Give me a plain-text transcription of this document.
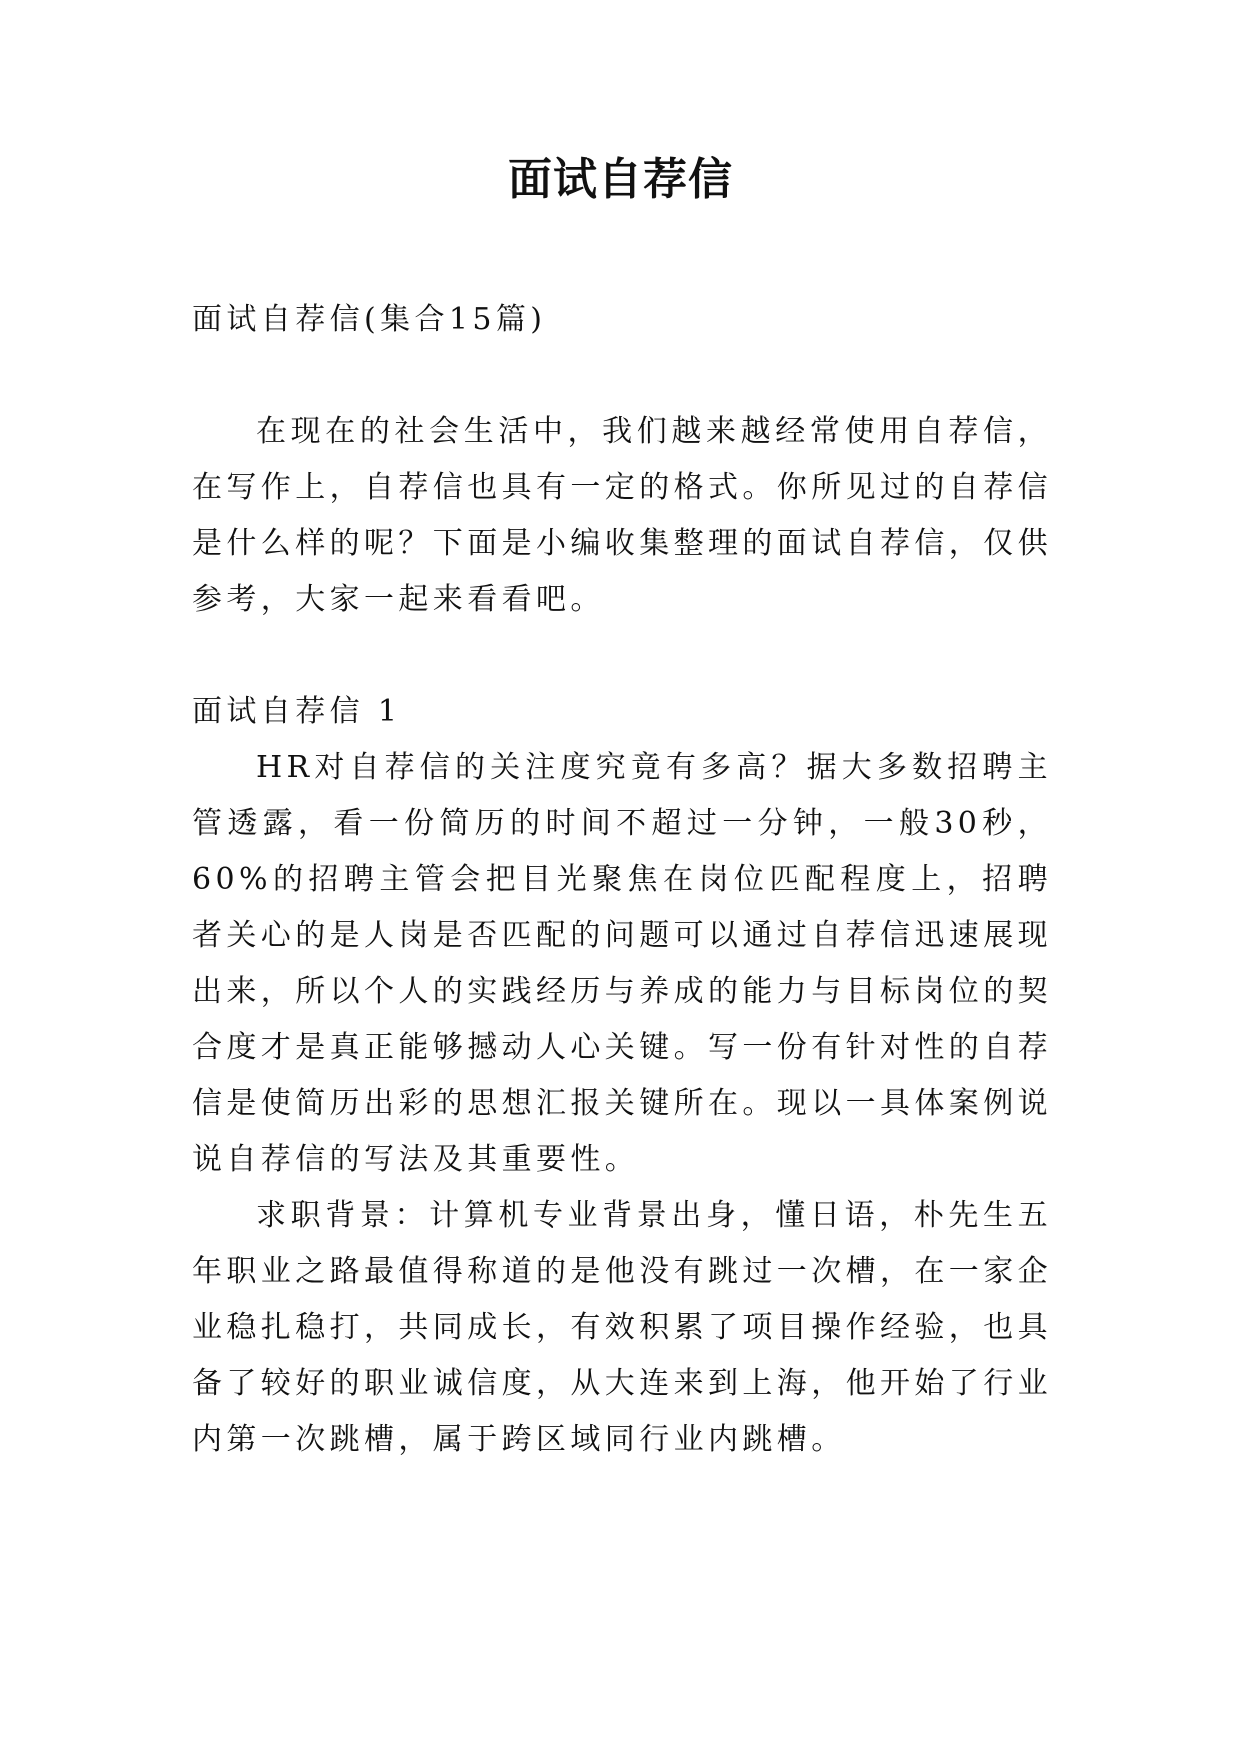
面试自荐信

面试自荐信(集合15篇)

在现在的社会生活中，我们越来越经常使用自荐信，在写作上，自荐信也具有一定的格式。你所见过的自荐信是什么样的呢？下面是小编收集整理的面试自荐信，仅供参考，大家一起来看看吧。

面试自荐信 1

HR对自荐信的关注度究竟有多高？据大多数招聘主管透露，看一份简历的时间不超过一分钟，一般30秒，60%的招聘主管会把目光聚焦在岗位匹配程度上，招聘者关心的是人岗是否匹配的问题可以通过自荐信迅速展现出来，所以个人的实践经历与养成的能力与目标岗位的契合度才是真正能够撼动人心关键。写一份有针对性的自荐信是使简历出彩的思想汇报关键所在。现以一具体案例说说自荐信的写法及其重要性。

求职背景：计算机专业背景出身，懂日语，朴先生五年职业之路最值得称道的是他没有跳过一次槽，在一家企业稳扎稳打，共同成长，有效积累了项目操作经验，也具备了较好的职业诚信度，从大连来到上海，他开始了行业内第一次跳槽，属于跨区域同行业内跳槽。
